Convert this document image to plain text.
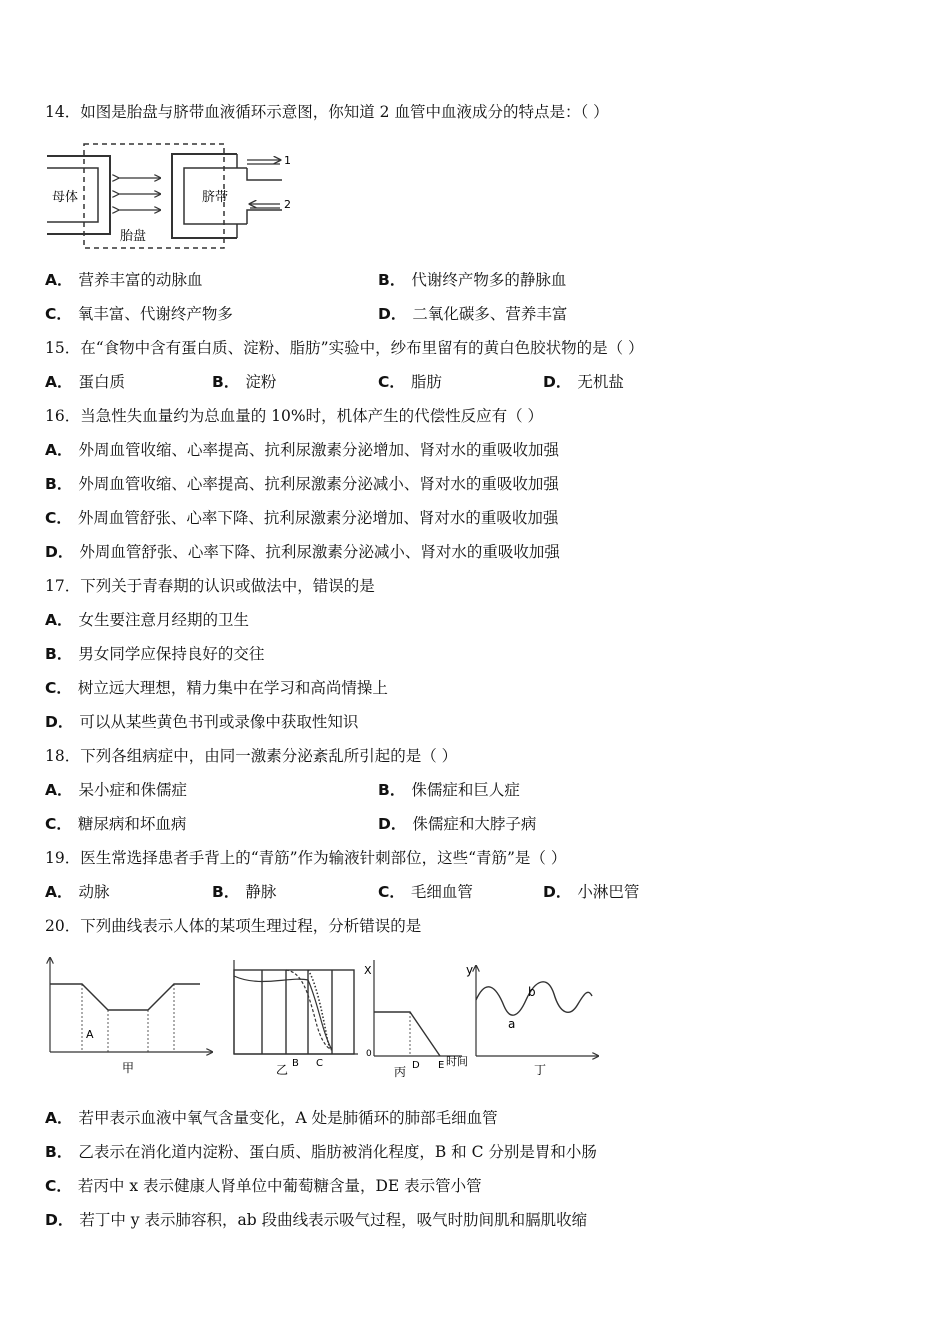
14．如图是胎盘与脐带血液循环示意图，你知道 2 血管中血液成分的特点是：（ ）
母体
胎盘
脐带
1
2
A． 营养丰富的动脉血	B． 代谢终产物多的静脉血
C． 氧丰富、代谢终产物多	D． 二氧化碳多、营养丰富
15．在“食物中含有蛋白质、淀粉、脂肪”实验中，纱布里留有的黄白色胶状物的是（ ）
A． 蛋白质	B． 淀粉	C． 脂肪	D． 无机盐
16．当急性失血量约为总血量的 10%时，机体产生的代偿性反应有（ ）
A． 外周血管收缩、心率提高、抗利尿激素分泌增加、肾对水的重吸收加强
B． 外周血管收缩、心率提高、抗利尿激素分泌减小、肾对水的重吸收加强
C． 外周血管舒张、心率下降、抗利尿激素分泌增加、肾对水的重吸收加强
D． 外周血管舒张、心率下降、抗利尿激素分泌减小、肾对水的重吸收加强
17．下列关于青春期的认识或做法中，错误的是
A． 女生要注意月经期的卫生
B． 男女同学应保持良好的交往
C． 树立远大理想，精力集中在学习和高尚情操上
D． 可以从某些黄色书刊或录像中获取性知识
18．下列各组病症中，由同一激素分泌紊乱所引起的是（ ）
A． 呆小症和侏儒症	B． 侏儒症和巨人症
C． 糖尿病和坏血病	D． 侏儒症和大脖子病
19．医生常选择患者手背上的“青筋”作为输液针刺部位，这些“青筋”是（ ）
A． 动脉	B． 静脉	C． 毛细血管	D． 小淋巴管
20．下列曲线表示人体的某项生理过程，分析错误的是
A
甲	B C
乙
X
0
D E 时间
丙
y
a
b
丁
A． 若甲表示血液中氧气含量变化，A 处是肺循环的肺部毛细血管
B． 乙表示在消化道内淀粉、蛋白质、脂肪被消化程度，B 和 C 分别是胃和小肠
C． 若丙中 x 表示健康人肾单位中葡萄糖含量，DE 表示管小管
D． 若丁中 y 表示肺容积，ab 段曲线表示吸气过程，吸气时肋间肌和膈肌收缩
